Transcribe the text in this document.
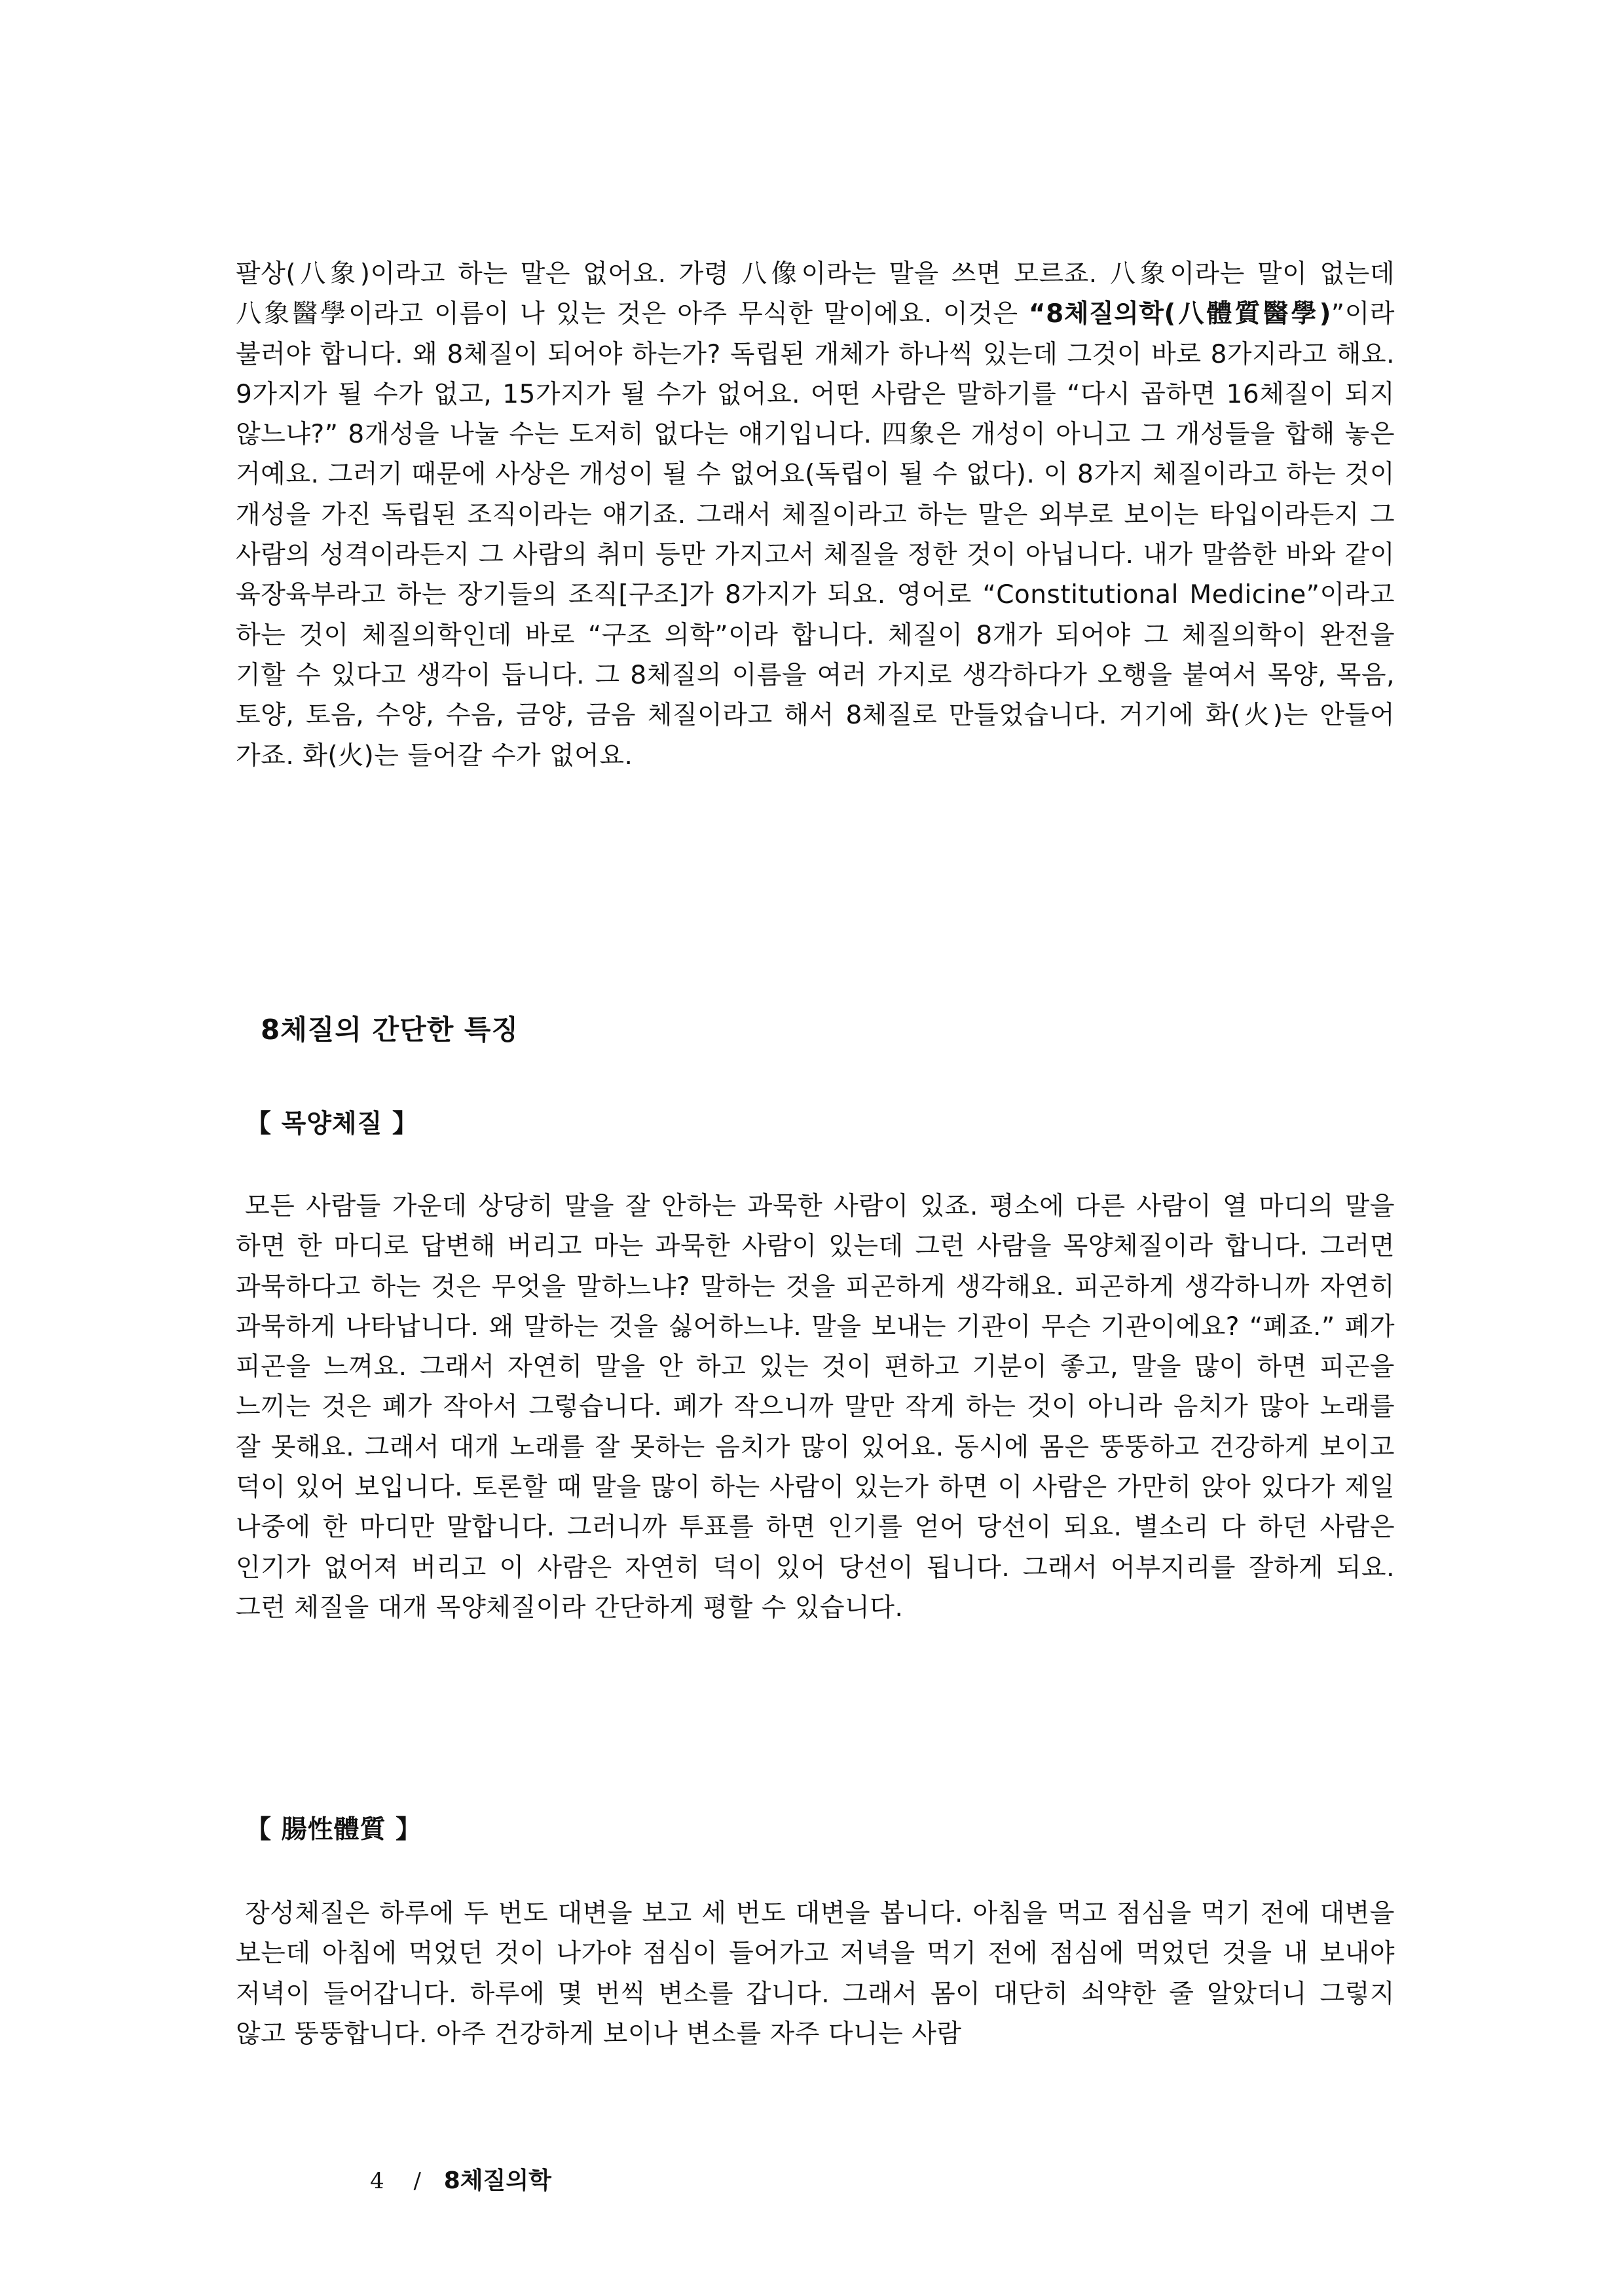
팔상(八象)이라고 하는 말은 없어요. 가령 八像이라는 말을 쓰면 모르죠. 八象이라는 말이 없는데 八象醫學이라고 이름이 나 있는 것은 아주 무식한 말이에요. 이것은 “8체질의학(八體質醫學)”이라 불러야 합니다. 왜 8체질이 되어야 하는가? 독립된 개체가 하나씩 있는데 그것이 바로 8가지라고 해요. 9가지가 될 수가 없고, 15가지가 될 수가 없어요. 어떤 사람은 말하기를 “다시 곱하면 16체질이 되지 않느냐?” 8개성을 나눌 수는 도저히 없다는 얘기입니다. 四象은 개성이 아니고 그 개성들을 합해 놓은 거예요. 그러기 때문에 사상은 개성이 될 수 없어요(독립이 될 수 없다). 이 8가지 체질이라고 하는 것이 개성을 가진 독립된 조직이라는 얘기죠. 그래서 체질이라고 하는 말은 외부로 보이는 타입이라든지 그 사람의 성격이라든지 그 사람의 취미 등만 가지고서 체질을 정한 것이 아닙니다. 내가 말씀한 바와 같이 육장육부라고 하는 장기들의 조직[구조]가 8가지가 되요. 영어로 “Constitutional Medicine”이라고 하는 것이 체질의학인데 바로 “구조 의학”이라 합니다. 체질이 8개가 되어야 그 체질의학이 완전을 기할 수 있다고 생각이 듭니다. 그 8체질의 이름을 여러 가지로 생각하다가 오행을 붙여서 목양, 목음, 토양, 토음, 수양, 수음, 금양, 금음 체질이라고 해서 8체질로 만들었습니다. 거기에 화(火)는 안들어 가죠. 화(火)는 들어갈 수가 없어요.

8체질의 간단한 특징
【 목양체질 】

모든 사람들 가운데 상당히 말을 잘 안하는 과묵한 사람이 있죠. 평소에 다른 사람이 열 마디의 말을 하면 한 마디로 답변해 버리고 마는 과묵한 사람이 있는데 그런 사람을 목양체질이라 합니다. 그러면 과묵하다고 하는 것은 무엇을 말하느냐? 말하는 것을 피곤하게 생각해요. 피곤하게 생각하니까 자연히 과묵하게 나타납니다. 왜 말하는 것을 싫어하느냐. 말을 보내는 기관이 무슨 기관이에요? “폐죠.” 폐가 피곤을 느껴요. 그래서 자연히 말을 안 하고 있는 것이 편하고 기분이 좋고, 말을 많이 하면 피곤을 느끼는 것은 폐가 작아서 그렇습니다. 폐가 작으니까 말만 작게 하는 것이 아니라 음치가 많아 노래를 잘 못해요. 그래서 대개 노래를 잘 못하는 음치가 많이 있어요. 동시에 몸은 뚱뚱하고 건강하게 보이고 덕이 있어 보입니다. 토론할 때 말을 많이 하는 사람이 있는가 하면 이 사람은 가만히 앉아 있다가 제일 나중에 한 마디만 말합니다. 그러니까 투표를 하면 인기를 얻어 당선이 되요. 별소리 다 하던 사람은 인기가 없어져 버리고 이 사람은 자연히 덕이 있어 당선이 됩니다. 그래서 어부지리를 잘하게 되요. 그런 체질을 대개 목양체질이라 간단하게 평할 수 있습니다.

【 腸性體質 】

장성체질은 하루에 두 번도 대변을 보고 세 번도 대변을 봅니다. 아침을 먹고 점심을 먹기 전에 대변을 보는데 아침에 먹었던 것이 나가야 점심이 들어가고 저녁을 먹기 전에 점심에 먹었던 것을 내 보내야 저녁이 들어갑니다. 하루에 몇 번씩 변소를 갑니다. 그래서 몸이 대단히 쇠약한 줄 알았더니 그렇지 않고 뚱뚱합니다. 아주 건강하게 보이나 변소를 자주 다니는 사람

4 / 8체질의학
